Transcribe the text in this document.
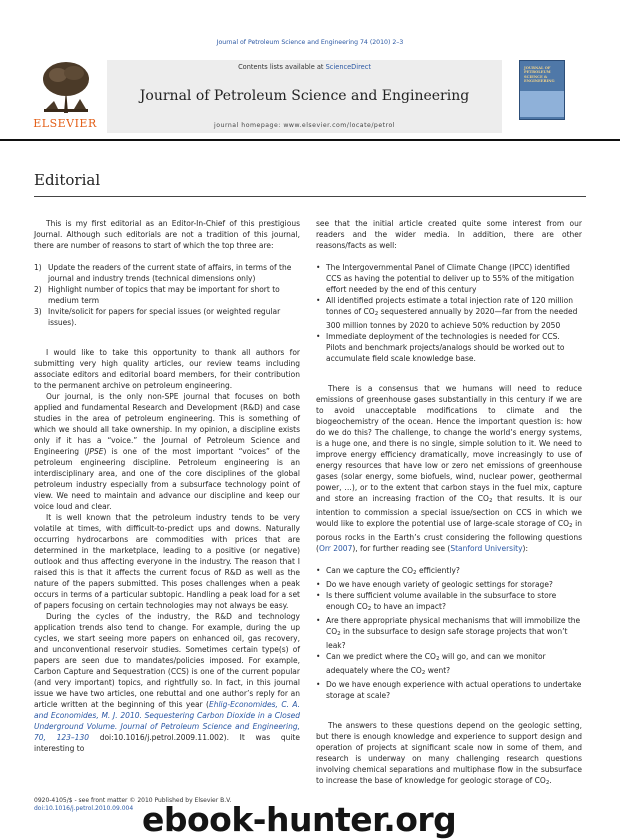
Journal of Petroleum Science and Engineering 74 (2010) 2–3
ELSEVIER
Contents lists available at ScienceDirect
Journal of Petroleum Science and Engineering
journal homepage: www.elsevier.com/locate/petrol
JOURNAL OF PETROLEUM SCIENCE & ENGINEERING
Editorial

This is my first editorial as an Editor-In-Chief of this prestigious Journal. Although such editorials are not a tradition of this journal, there are number of reasons to start of which the top three are:

1) Update the readers of the current state of affairs, in terms of the journal and industry trends (technical dimensions only)
2) Highlight number of topics that may be important for short to medium term
3) Invite/solicit for papers for special issues (or weighted regular issues).

I would like to take this opportunity to thank all authors for submitting very high quality articles, our review teams including associate editors and editorial board members, for their contribution to the permanent archive on petroleum engineering.

Our journal, is the only non-SPE journal that focuses on both applied and fundamental Research and Development (R&D) and case studies in the area of petroleum engineering. This is something of which we should all take ownership. In my opinion, a discipline exists only if it has a “voice.” the Journal of Petroleum Science and Engineering (JPSE) is one of the most important “voices” of the petroleum engineering discipline. Petroleum engineering is an interdisciplinary area, and one of the core disciplines of the global petroleum industry especially from a subsurface technology point of view. We need to maintain and advance our discipline and keep our voice loud and clear.

It is well known that the petroleum industry tends to be very volatile at times, with difficult-to-predict ups and downs. Naturally occurring hydrocarbons are commodities with prices that are determined in the marketplace, leading to a positive (or negative) outlook and thus affecting everyone in the industry. The reason that I raised this is that it affects the current focus of R&D as well as the nature of the papers submitted. This poses challenges when a peak occurs in terms of a particular subtopic. Handling a peak load for a set of papers focusing on certain technologies may not always be easy.

During the cycles of the industry, the R&D and technology application trends also tend to change. For example, during the up cycles, we start seeing more papers on enhanced oil, gas recovery, and unconventional reservoir studies. Sometimes certain type(s) of papers are seen due to mandates/policies imposed. For example, Carbon Capture and Sequestration (CCS) is one of the current popular (and very important) topics, and rightfully so. In fact, in this journal issue we have two articles, one rebuttal and one author’s reply for an article written at the beginning of this year (Ehlig-Economides, C. A. and Economides, M. J. 2010. Sequestering Carbon Dioxide in a Closed Underground Volume. Journal of Petroleum Science and Engineering, 70, 123–130 doi:10.1016/j.petrol.2009.11.002). It was quite interesting to

see that the initial article created quite some interest from our readers and the wider media. In addition, there are other reasons/facts as well:

• The Intergovernmental Panel of Climate Change (IPCC) identified CCS as having the potential to deliver up to 55% of the mitigation effort needed by the end of this century
• All identified projects estimate a total injection rate of 120 million tonnes of CO2 sequestered annually by 2020—far from the needed 300 million tonnes by 2020 to achieve 50% reduction by 2050
• Immediate deployment of the technologies is needed for CCS. Pilots and benchmark projects/analogs should be worked out to accumulate field scale knowledge base.

There is a consensus that we humans will need to reduce emissions of greenhouse gases substantially in this century if we are to avoid unacceptable modifications to climate and the biogeochemistry of the ocean. Hence the important question is: how do we do this? The challenge, to change the world’s energy systems, is a huge one, and there is no single, simple solution to it. We need to improve energy efficiency dramatically, move increasingly to use of energy resources that have low or zero net emissions of greenhouse gases (solar energy, some biofuels, wind, nuclear power, geothermal power, …), or to the extent that carbon stays in the fuel mix, capture and store an increasing fraction of the CO2 that results. It is our intention to commission a special issue/section on CCS in which we would like to explore the potential use of large-scale storage of CO2 in porous rocks in the Earth’s crust considering the following questions (Orr 2007), for further reading see (Stanford University):

• Can we capture the CO2 efficiently?
• Do we have enough variety of geologic settings for storage?
• Is there sufficient volume available in the subsurface to store enough CO2 to have an impact?
• Are there appropriate physical mechanisms that will immobilize the CO2 in the subsurface to design safe storage projects that won’t leak?
• Can we predict where the CO2 will go, and can we monitor adequately where the CO2 went?
• Do we have enough experience with actual operations to undertake storage at scale?

The answers to these questions depend on the geologic setting, but there is enough knowledge and experience to support design and operation of projects at significant scale now in some of them, and research is underway on many challenging research questions involving chemical separations and multiphase flow in the subsurface to increase the base of knowledge for geologic storage of CO2.

0920-4105/$ - see front matter © 2010 Published by Elsevier B.V.
doi:10.1016/j.petrol.2010.09.004 ebook-hunter.org
